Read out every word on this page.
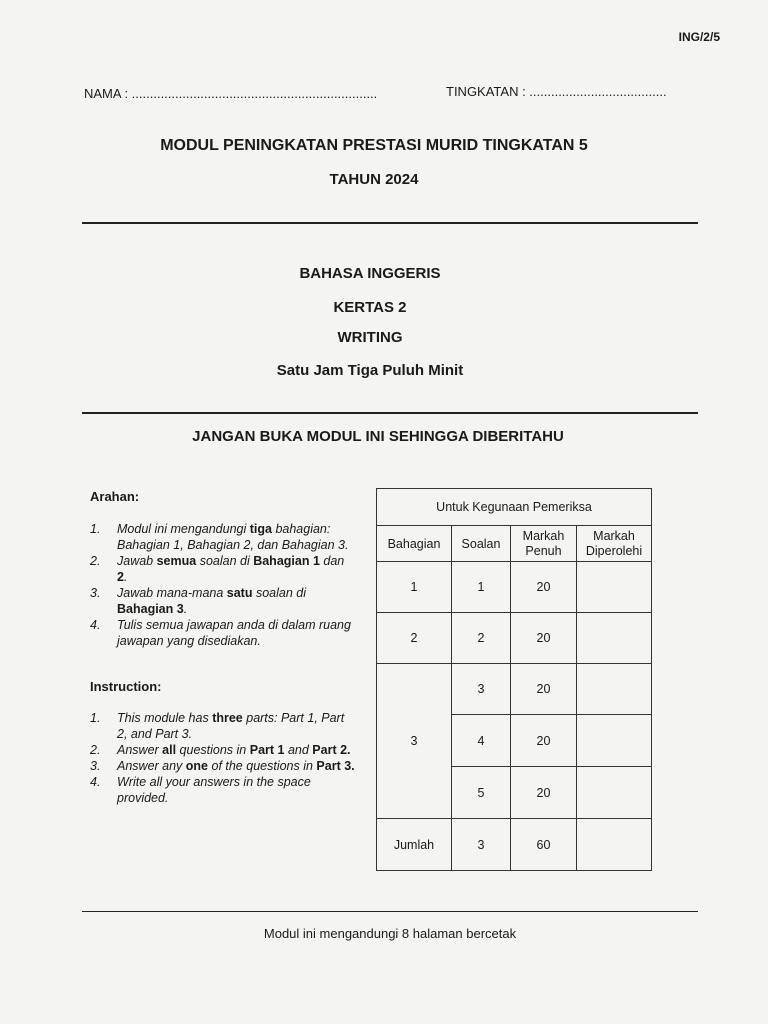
ING/2/5
NAMA : ....................................................................	TINGKATAN : ......................................
MODUL PENINGKATAN PRESTASI MURID TINGKATAN 5
TAHUN 2024
BAHASA INGGERIS
KERTAS 2
WRITING
Satu Jam Tiga Puluh Minit
JANGAN BUKA MODUL INI SEHINGGA DIBERITAHU
Arahan:
1. Modul ini mengandungi tiga bahagian: Bahagian 1, Bahagian 2, dan Bahagian 3.
2. Jawab semua soalan di Bahagian 1 dan 2.
3. Jawab mana-mana satu soalan di Bahagian 3.
4. Tulis semua jawapan anda di dalam ruang jawapan yang disediakan.
Instruction:
1. This module has three parts: Part 1, Part 2, and Part 3.
2. Answer all questions in Part 1 and Part 2.
3. Answer any one of the questions in Part 3.
4. Write all your answers in the space provided.
Untuk Kegunaan Pemeriksa			
Bahagian	Soalan	Markah Penuh	Markah Diperolehi
1	1	20	
2	2	20	
3	3	20	
	4	20	
	5	20	
Jumlah	3	60	
Modul ini mengandungi 8 halaman bercetak
